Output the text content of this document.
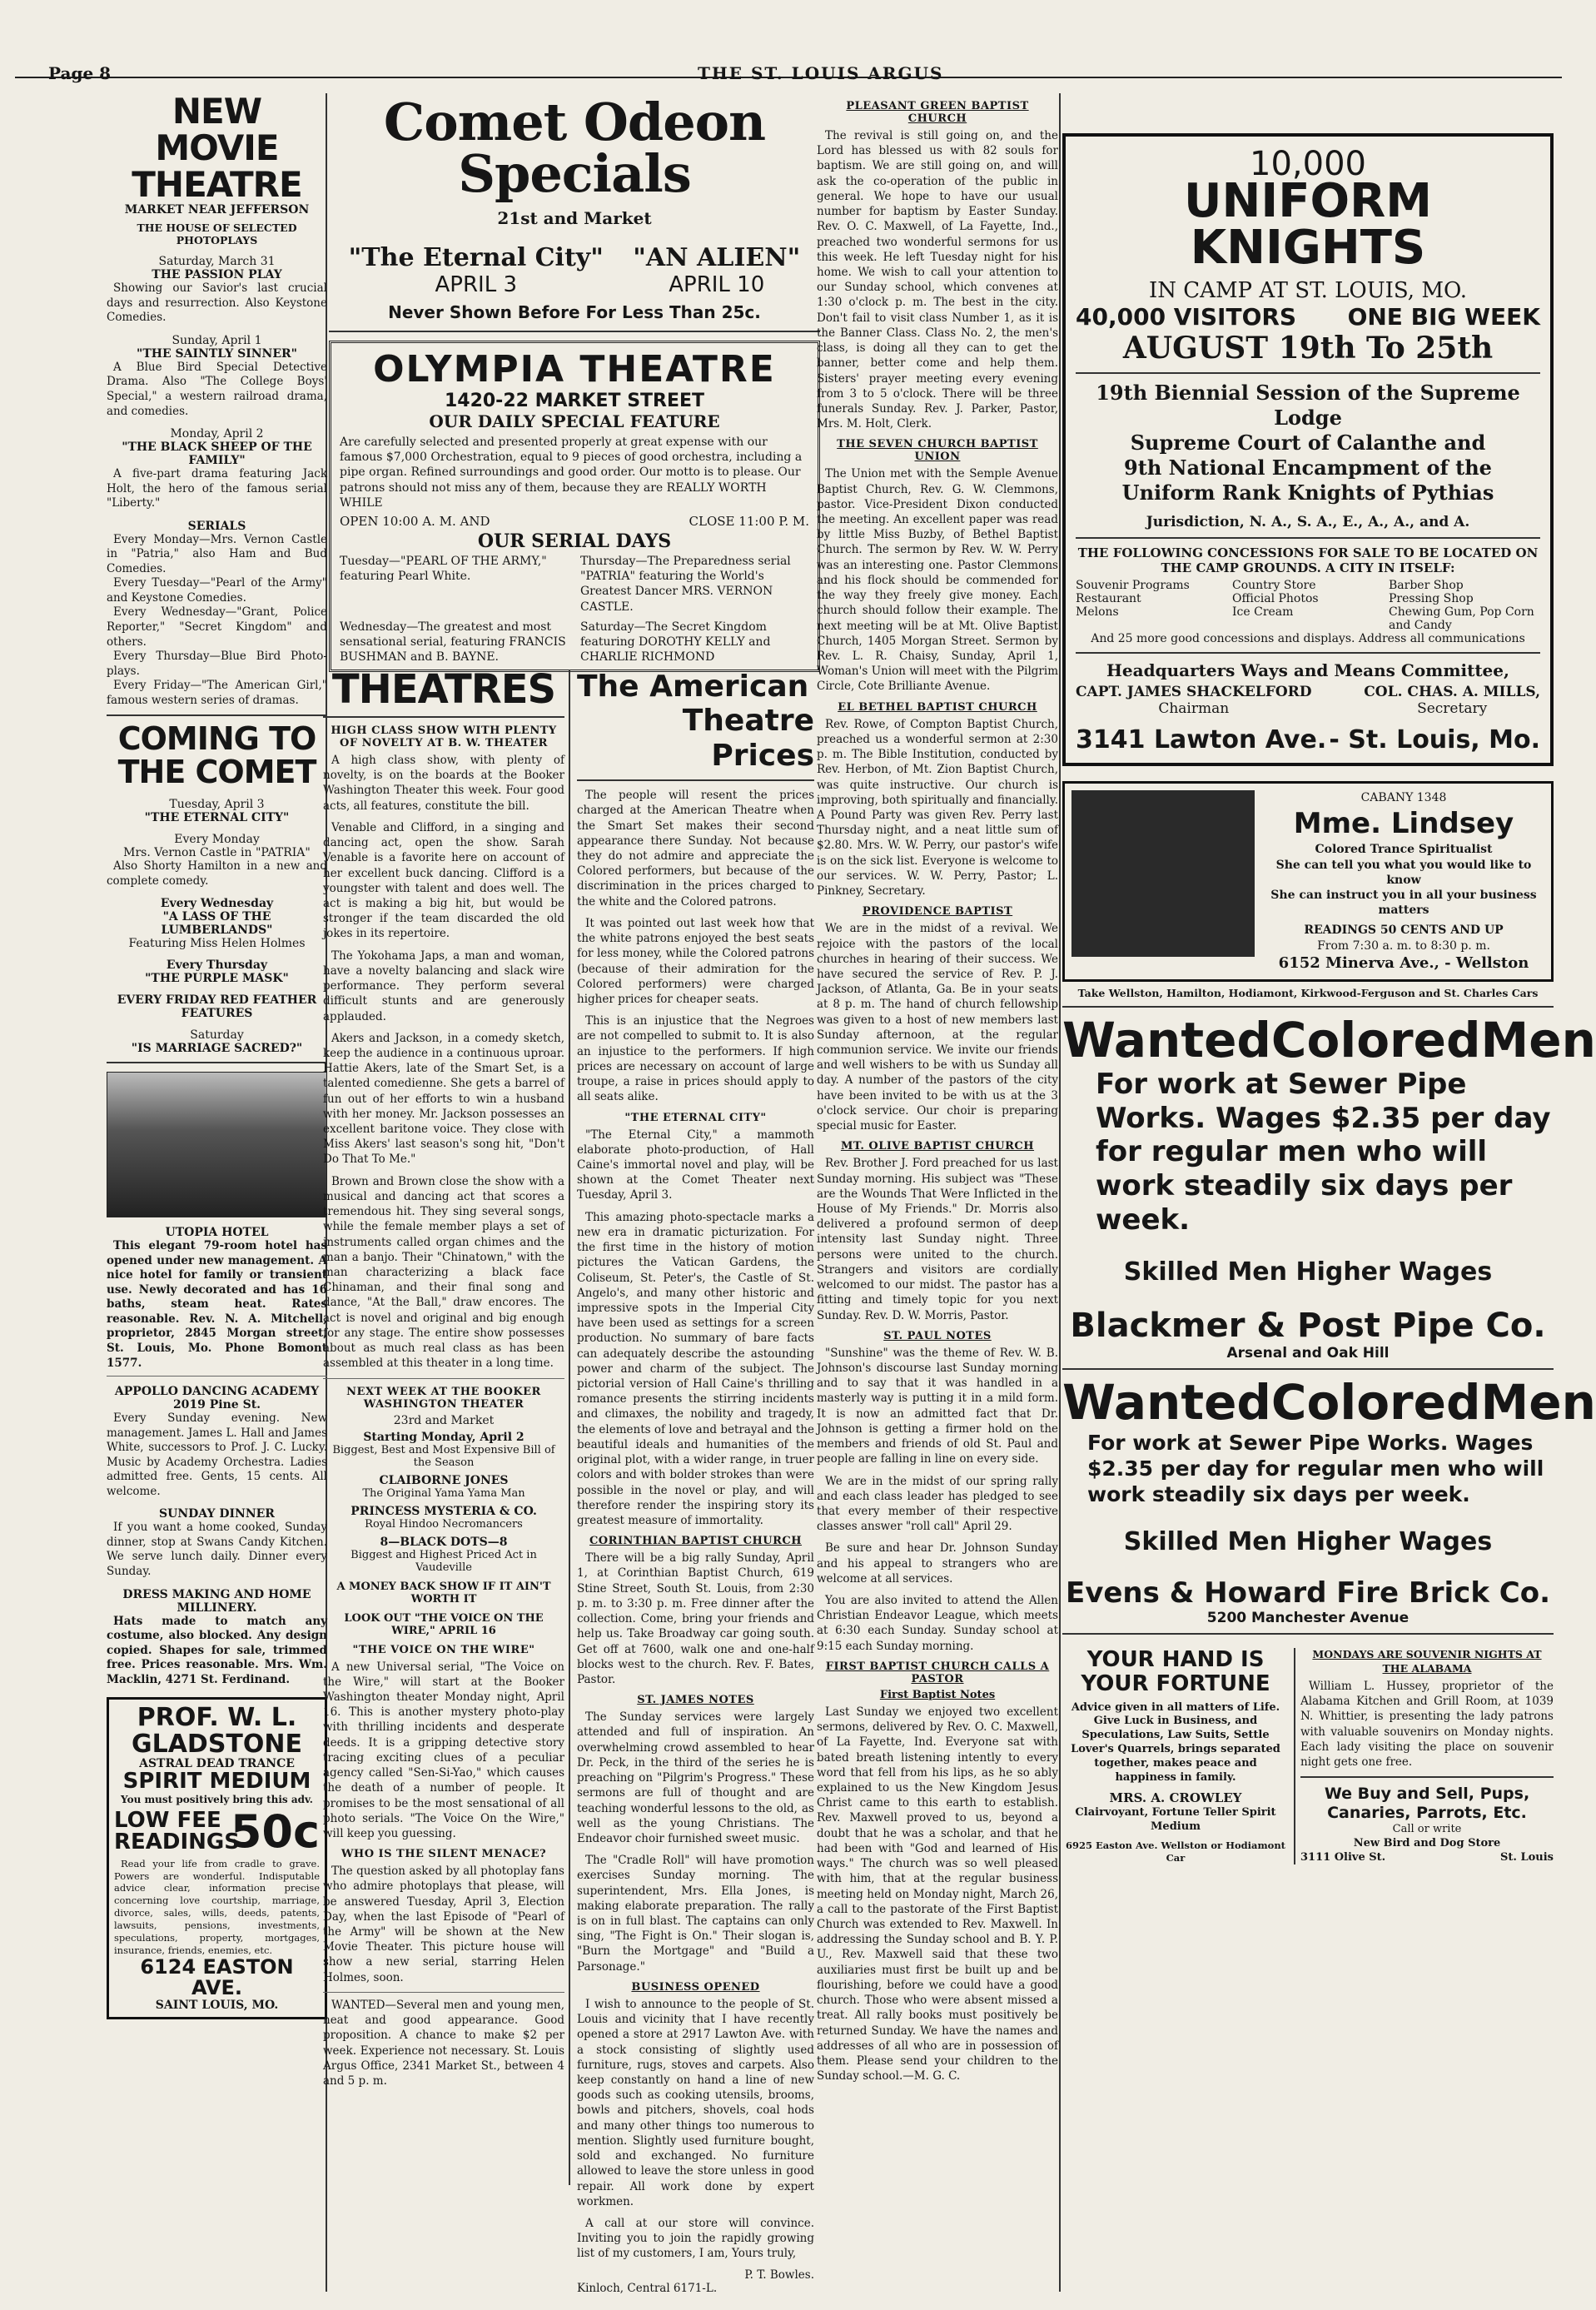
Page 8	THE ST. LOUIS ARGUS
NEW MOVIE THEATRE
MARKET NEAR JEFFERSON
THE HOUSE OF SELECTED PHOTOPLAYS
Saturday, March 31
THE PASSION PLAY

Showing our Savior's last crucial days and resurrection. Also Keystone Comedies.

Sunday, April 1
"THE SAINTLY SINNER"

A Blue Bird Special Detective Drama. Also "The College Boys' Special," a western railroad drama, and comedies.

Monday, April 2
"THE BLACK SHEEP OF THE FAMILY"

A five-part drama featuring Jack Holt, the hero of the famous serial "Liberty."

SERIALS

Every Monday—Mrs. Vernon Castle in "Patria," also Ham and Bud Comedies.

Every Tuesday—"Pearl of the Army" and Keystone Comedies.

Every Wednesday—"Grant, Police Reporter," "Secret Kingdom" and others.

Every Thursday—Blue Bird Photo-plays.

Every Friday—"The American Girl," famous western series of dramas.

COMING TO THE COMET
Tuesday, April 3
"THE ETERNAL CITY"
Every Monday
Mrs. Vernon Castle in "PATRIA"

Also Shorty Hamilton in a new and complete comedy.

Every Wednesday
"A LASS OF THE LUMBERLANDS"
Featuring Miss Helen Holmes
Every Thursday
"THE PURPLE MASK"
EVERY FRIDAY RED FEATHER FEATURES
Saturday
"IS MARRIAGE SACRED?"
UTOPIA HOTEL

This elegant 79-room hotel has opened under new management. A nice hotel for family or transient use. Newly decorated and has 16 baths, steam heat. Rates reasonable. Rev. N. A. Mitchell, proprietor, 2845 Morgan street, St. Louis, Mo. Phone Bomont 1577.

APPOLLO DANCING ACADEMY
2019 Pine St.

Every Sunday evening. New management. James L. Hall and James White, successors to Prof. J. C. Lucky. Music by Academy Orchestra. Ladies admitted free. Gents, 15 cents. All welcome.

SUNDAY DINNER

If you want a home cooked, Sunday dinner, stop at Swans Candy Kitchen. We serve lunch daily. Dinner every Sunday.

DRESS MAKING AND HOME MILLINERY.

Hats made to match any costume, also blocked. Any design copied. Shapes for sale, trimmed free. Prices reasonable. Mrs. Wm. Macklin, 4271 St. Ferdinand.

PROF. W. L. GLADSTONE
ASTRAL DEAD TRANCE
SPIRIT MEDIUM
You must positively bring this adv.
LOW FEE READINGS
50c

Read your life from cradle to grave. Powers are wonderful. Indisputable advice clear, information precise concerning love courtship, marriage, divorce, sales, wills, deeds, patents, lawsuits, pensions, investments, speculations, property, mortgages, insurance, friends, enemies, etc.

6124 EASTON AVE.
SAINT LOUIS, MO.
Comet Odeon Specials
21st and Market
"The Eternal City"
APRIL 3
"AN ALIEN"
APRIL 10
Never Shown Before For Less Than 25c.
OLYMPIA THEATRE
1420-22 MARKET STREET
OUR DAILY SPECIAL FEATURE

Are carefully selected and presented properly at great expense with our famous $7,000 Orchestration, equal to 9 pieces of good orchestra, including a pipe organ. Refined surroundings and good order. Our motto is to please. Our patrons should not miss any of them, because they are REALLY WORTH WHILE

OPEN 10:00 A. M. AND	CLOSE 11:00 P. M.
OUR SERIAL DAYS
Tuesday—"PEARL OF THE ARMY," featuring Pearl White.
Thursday—The Preparedness serial "PATRIA" featuring the World's Greatest Dancer MRS. VERNON CASTLE.
Wednesday—The greatest and most sensational serial, featuring FRANCIS BUSHMAN and B. BAYNE.
Saturday—The Secret Kingdom featuring DOROTHY KELLY and CHARLIE RICHMOND
THEATRES
HIGH CLASS SHOW WITH PLENTY OF NOVELTY AT B. W. THEATER

A high class show, with plenty of novelty, is on the boards at the Booker Washington Theater this week. Four good acts, all features, constitute the bill.

Venable and Clifford, in a singing and dancing act, open the show. Sarah Venable is a favorite here on account of her excellent buck dancing. Clifford is a youngster with talent and does well. The act is making a big hit, but would be stronger if the team discarded the old jokes in its repertoire.

The Yokohama Japs, a man and woman, have a novelty balancing and slack wire performance. They perform several difficult stunts and are generously applauded.

Akers and Jackson, in a comedy sketch, keep the audience in a continuous uproar. Hattie Akers, late of the Smart Set, is a talented comedienne. She gets a barrel of fun out of her efforts to win a husband with her money. Mr. Jackson possesses an excellent baritone voice. They close with Miss Akers' last season's song hit, "Don't Do That To Me."

Brown and Brown close the show with a musical and dancing act that scores a tremendous hit. They sing several songs, while the female member plays a set of instruments called organ chimes and the man a banjo. Their "Chinatown," with the man characterizing a black face Chinaman, and their final song and dance, "At the Ball," draw encores. The act is novel and original and big enough for any stage. The entire show possesses about as much real class as has been assembled at this theater in a long time.

NEXT WEEK AT THE BOOKER WASHINGTON THEATER
23rd and Market
Starting Monday, April 2
Biggest, Best and Most Expensive Bill of the Season
CLAIBORNE JONES
The Original Yama Yama Man
PRINCESS MYSTERIA & CO.
Royal Hindoo Necromancers
8—BLACK DOTS—8
Biggest and Highest Priced Act in Vaudeville
A MONEY BACK SHOW IF IT AIN'T WORTH IT
LOOK OUT "THE VOICE ON THE WIRE," APRIL 16
"THE VOICE ON THE WIRE"

A new Universal serial, "The Voice on the Wire," will start at the Booker Washington theater Monday night, April 16. This is another mystery photo-play with thrilling incidents and desperate deeds. It is a gripping detective story tracing exciting clues of a peculiar agency called "Sen-Si-Yao," which causes the death of a number of people. It promises to be the most sensational of all photo serials. "The Voice On the Wire," will keep you guessing.

WHO IS THE SILENT MENACE?

The question asked by all photoplay fans who admire photoplays that please, will be answered Tuesday, April 3, Election Day, when the last Episode of "Pearl of the Army" will be shown at the New Movie Theater. This picture house will show a new serial, starring Helen Holmes, soon.

WANTED—Several men and young men, neat and good appearance. Good proposition. A chance to make $2 per week. Experience not necessary. St. Louis Argus Office, 2341 Market St., between 4 and 5 p. m.

The American
Theatre Prices

The people will resent the prices charged at the American Theatre when the Smart Set makes their second appearance there Sunday. Not because they do not admire and appreciate the Colored performers, but because of the discrimination in the prices charged to the white and the Colored patrons.

It was pointed out last week how that the white patrons enjoyed the best seats for less money, while the Colored patrons (because of their admiration for the Colored performers) were charged higher prices for cheaper seats.

This is an injustice that the Negroes are not compelled to submit to. It is also an injustice to the performers. If high prices are necessary on account of large troupe, a raise in prices should apply to all seats alike.

"THE ETERNAL CITY"

"The Eternal City," a mammoth elaborate photo-production, of Hall Caine's immortal novel and play, will be shown at the Comet Theater next Tuesday, April 3.

This amazing photo-spectacle marks a new era in dramatic picturization. For the first time in the history of motion pictures the Vatican Gardens, the Coliseum, St. Peter's, the Castle of St. Angelo's, and many other historic and impressive spots in the Imperial City have been used as settings for a screen production. No summary of bare facts can adequately describe the astounding power and charm of the subject. The pictorial version of Hall Caine's thrilling romance presents the stirring incidents and climaxes, the nobility and tragedy, the elements of love and betrayal and the beautiful ideals and humanities of the original plot, with a wider range, in truer colors and with bolder strokes than were possible in the novel or play, and will therefore render the inspiring story its greatest measure of immortality.

CORINTHIAN BAPTIST CHURCH

There will be a big rally Sunday, April 1, at Corinthian Baptist Church, 619 Stine Street, South St. Louis, from 2:30 p. m. to 3:30 p. m. Free dinner after the collection. Come, bring your friends and help us. Take Broadway car going south. Get off at 7600, walk one and one-half blocks west to the church. Rev. F. Bates, Pastor.

ST. JAMES NOTES

The Sunday services were largely attended and full of inspiration. An overwhelming crowd assembled to hear Dr. Peck, in the third of the series he is preaching on "Pilgrim's Progress." These sermons are full of thought and are teaching wonderful lessons to the old, as well as the young Christians. The Endeavor choir furnished sweet music.

The "Cradle Roll" will have promotion exercises Sunday morning. The superintendent, Mrs. Ella Jones, is making elaborate preparation. The rally is on in full blast. The captains can only sing, "The Fight is On." Their slogan is, "Burn the Mortgage" and "Build a Parsonage."

BUSINESS OPENED

I wish to announce to the people of St. Louis and vicinity that I have recently opened a store at 2917 Lawton Ave. with a stock consisting of slightly used furniture, rugs, stoves and carpets. Also keep constantly on hand a line of new goods such as cooking utensils, brooms, bowls and pitchers, shovels, coal hods and many other things too numerous to mention. Slightly used furniture bought, sold and exchanged. No furniture allowed to leave the store unless in good repair. All work done by expert workmen.

A call at our store will convince. Inviting you to join the rapidly growing list of my customers, I am, Yours truly,

P. T. Bowles.
Kinloch, Central 6171-L.
PLEASANT GREEN BAPTIST CHURCH

The revival is still going on, and the Lord has blessed us with 82 souls for baptism. We are still going on, and will ask the co-operation of the public in general. We hope to have our usual number for baptism by Easter Sunday. Rev. O. C. Maxwell, of La Fayette, Ind., preached two wonderful sermons for us this week. He left Tuesday night for his home. We wish to call your attention to our Sunday school, which convenes at 1:30 o'clock p. m. The best in the city. Don't fail to visit class Number 1, as it is the Banner Class. Class No. 2, the men's class, is doing all they can to get the banner, better come and help them. Sisters' prayer meeting every evening from 3 to 5 o'clock. There will be three funerals Sunday. Rev. J. Parker, Pastor, Mrs. M. Holt, Clerk.

THE SEVEN CHURCH BAPTIST UNION

The Union met with the Semple Avenue Baptist Church, Rev. G. W. Clemmons, pastor. Vice-President Dixon conducted the meeting. An excellent paper was read by little Miss Buzby, of Bethel Baptist Church. The sermon by Rev. W. W. Perry was an interesting one. Pastor Clemmons and his flock should be commended for the way they freely give money. Each church should follow their example. The next meeting will be at Mt. Olive Baptist Church, 1405 Morgan Street. Sermon by Rev. L. R. Chaisy, Sunday, April 1, Woman's Union will meet with the Pilgrim Circle, Cote Brilliante Avenue.

EL BETHEL BAPTIST CHURCH

Rev. Rowe, of Compton Baptist Church, preached us a wonderful sermon at 2:30 p. m. The Bible Institution, conducted by Rev. Herbon, of Mt. Zion Baptist Church, was quite instructive. Our church is improving, both spiritually and financially. A Pound Party was given Rev. Perry last Thursday night, and a neat little sum of $2.80. Mrs. W. W. Perry, our pastor's wife is on the sick list. Everyone is welcome to our services. W. W. Perry, Pastor; L. Pinkney, Secretary.

PROVIDENCE BAPTIST

We are in the midst of a revival. We rejoice with the pastors of the local churches in hearing of their success. We have secured the service of Rev. P. J. Jackson, of Atlanta, Ga. Be in your seats at 8 p. m. The hand of church fellowship was given to a host of new members last Sunday afternoon, at the regular communion service. We invite our friends and well wishers to be with us Sunday all day. A number of the pastors of the city have been invited to be with us at the 3 o'clock service. Our choir is preparing special music for Easter.

MT. OLIVE BAPTIST CHURCH

Rev. Brother J. Ford preached for us last Sunday morning. His subject was "These are the Wounds That Were Inflicted in the House of My Friends." Dr. Morris also delivered a profound sermon of deep intensity last Sunday night. Three persons were united to the church. Strangers and visitors are cordially welcomed to our midst. The pastor has a fitting and timely topic for you next Sunday. Rev. D. W. Morris, Pastor.

ST. PAUL NOTES

"Sunshine" was the theme of Rev. W. B. Johnson's discourse last Sunday morning and to say that it was handled in a masterly way is putting it in a mild form. It is now an admitted fact that Dr. Johnson is getting a firmer hold on the members and friends of old St. Paul and people are falling in line on every side.

We are in the midst of our spring rally and each class leader has pledged to see that every member of their respective classes answer "roll call" April 29.

Be sure and hear Dr. Johnson Sunday and his appeal to strangers who are welcome at all services.

You are also invited to attend the Allen Christian Endeavor League, which meets at 6:30 each Sunday. Sunday school at 9:15 each Sunday morning.

FIRST BAPTIST CHURCH CALLS A PASTOR
First Baptist Notes

Last Sunday we enjoyed two excellent sermons, delivered by Rev. O. C. Maxwell, of La Fayette, Ind. Everyone sat with bated breath listening intently to every word that fell from his lips, as he so ably explained to us the New Kingdom Jesus Christ came to this earth to establish. Rev. Maxwell proved to us, beyond a doubt that he was a scholar, and that he had been with "God and learned of His ways." The church was so well pleased with him, that at the regular business meeting held on Monday night, March 26, a call to the pastorate of the First Baptist Church was extended to Rev. Maxwell. In addressing the Sunday school and B. Y. P. U., Rev. Maxwell said that these two auxiliaries must first be built up and be flourishing, before we could have a good church. Those who were absent missed a treat. All rally books must positively be returned Sunday. We have the names and addresses of all who are in possession of them. Please send your children to the Sunday school.—M. G. C.

10,000
UNIFORM KNIGHTS
IN CAMP AT ST. LOUIS, MO.
40,000 VISITORS ONE BIG WEEK
AUGUST 19th To 25th
19th Biennial Session of the Supreme Lodge
Supreme Court of Calanthe and
9th National Encampment of the
Uniform Rank Knights of Pythias
Jurisdiction, N. A., S. A., E., A., A., and A.
THE FOLLOWING CONCESSIONS FOR SALE TO BE LOCATED ON THE CAMP GROUNDS. A CITY IN ITSELF:
Souvenir Programs	Country Store	Barber Shop
Restaurant	Official Photos	Pressing Shop
Melons	Ice Cream	Chewing Gum, Pop Corn and Candy
And 25 more good concessions and displays. Address all communications
Headquarters Ways and Means Committee,
CAPT. JAMES SHACKELFORD
Chairman
COL. CHAS. A. MILLS,
Secretary
3141 Lawton Ave. - St. Louis, Mo.
CABANY 1348
Mme. Lindsey
Colored Trance Spiritualist
She can tell you what you would like to know
She can instruct you in all your business matters
READINGS 50 CENTS AND UP
From 7:30 a. m. to 8:30 p. m.
6152 Minerva Ave., - Wellston
Take Wellston, Hamilton, Hodiamont, Kirkwood-Ferguson and St. Charles Cars
Wanted Colored Men
For work at Sewer Pipe Works. Wages $2.35 per day for regular men who will work steadily six days per week.
Skilled Men Higher Wages
Blackmer & Post Pipe Co.
Arsenal and Oak Hill
Wanted Colored Men
For work at Sewer Pipe Works. Wages $2.35 per day for regular men who will work steadily six days per week.
Skilled Men Higher Wages
Evens & Howard Fire Brick Co.
5200 Manchester Avenue
YOUR HAND IS YOUR FORTUNE

Advice given in all matters of Life. Give Luck in Business, and Speculations, Law Suits, Settle Lover's Quarrels, brings separated together, makes peace and happiness in family.

MRS. A. CROWLEY
Clairvoyant, Fortune Teller Spirit Medium
6925 Easton Ave. Wellston or Hodiamont Car
MONDAYS ARE SOUVENIR NIGHTS AT THE ALABAMA

William L. Hussey, proprietor of the Alabama Kitchen and Grill Room, at 1039 N. Whittier, is presenting the lady patrons with valuable souvenirs on Monday nights. Each lady visiting the place on souvenir night gets one free.

We Buy and Sell, Pups, Canaries, Parrots, Etc.
Call or write
New Bird and Dog Store
3111 Olive St.	St. Louis
